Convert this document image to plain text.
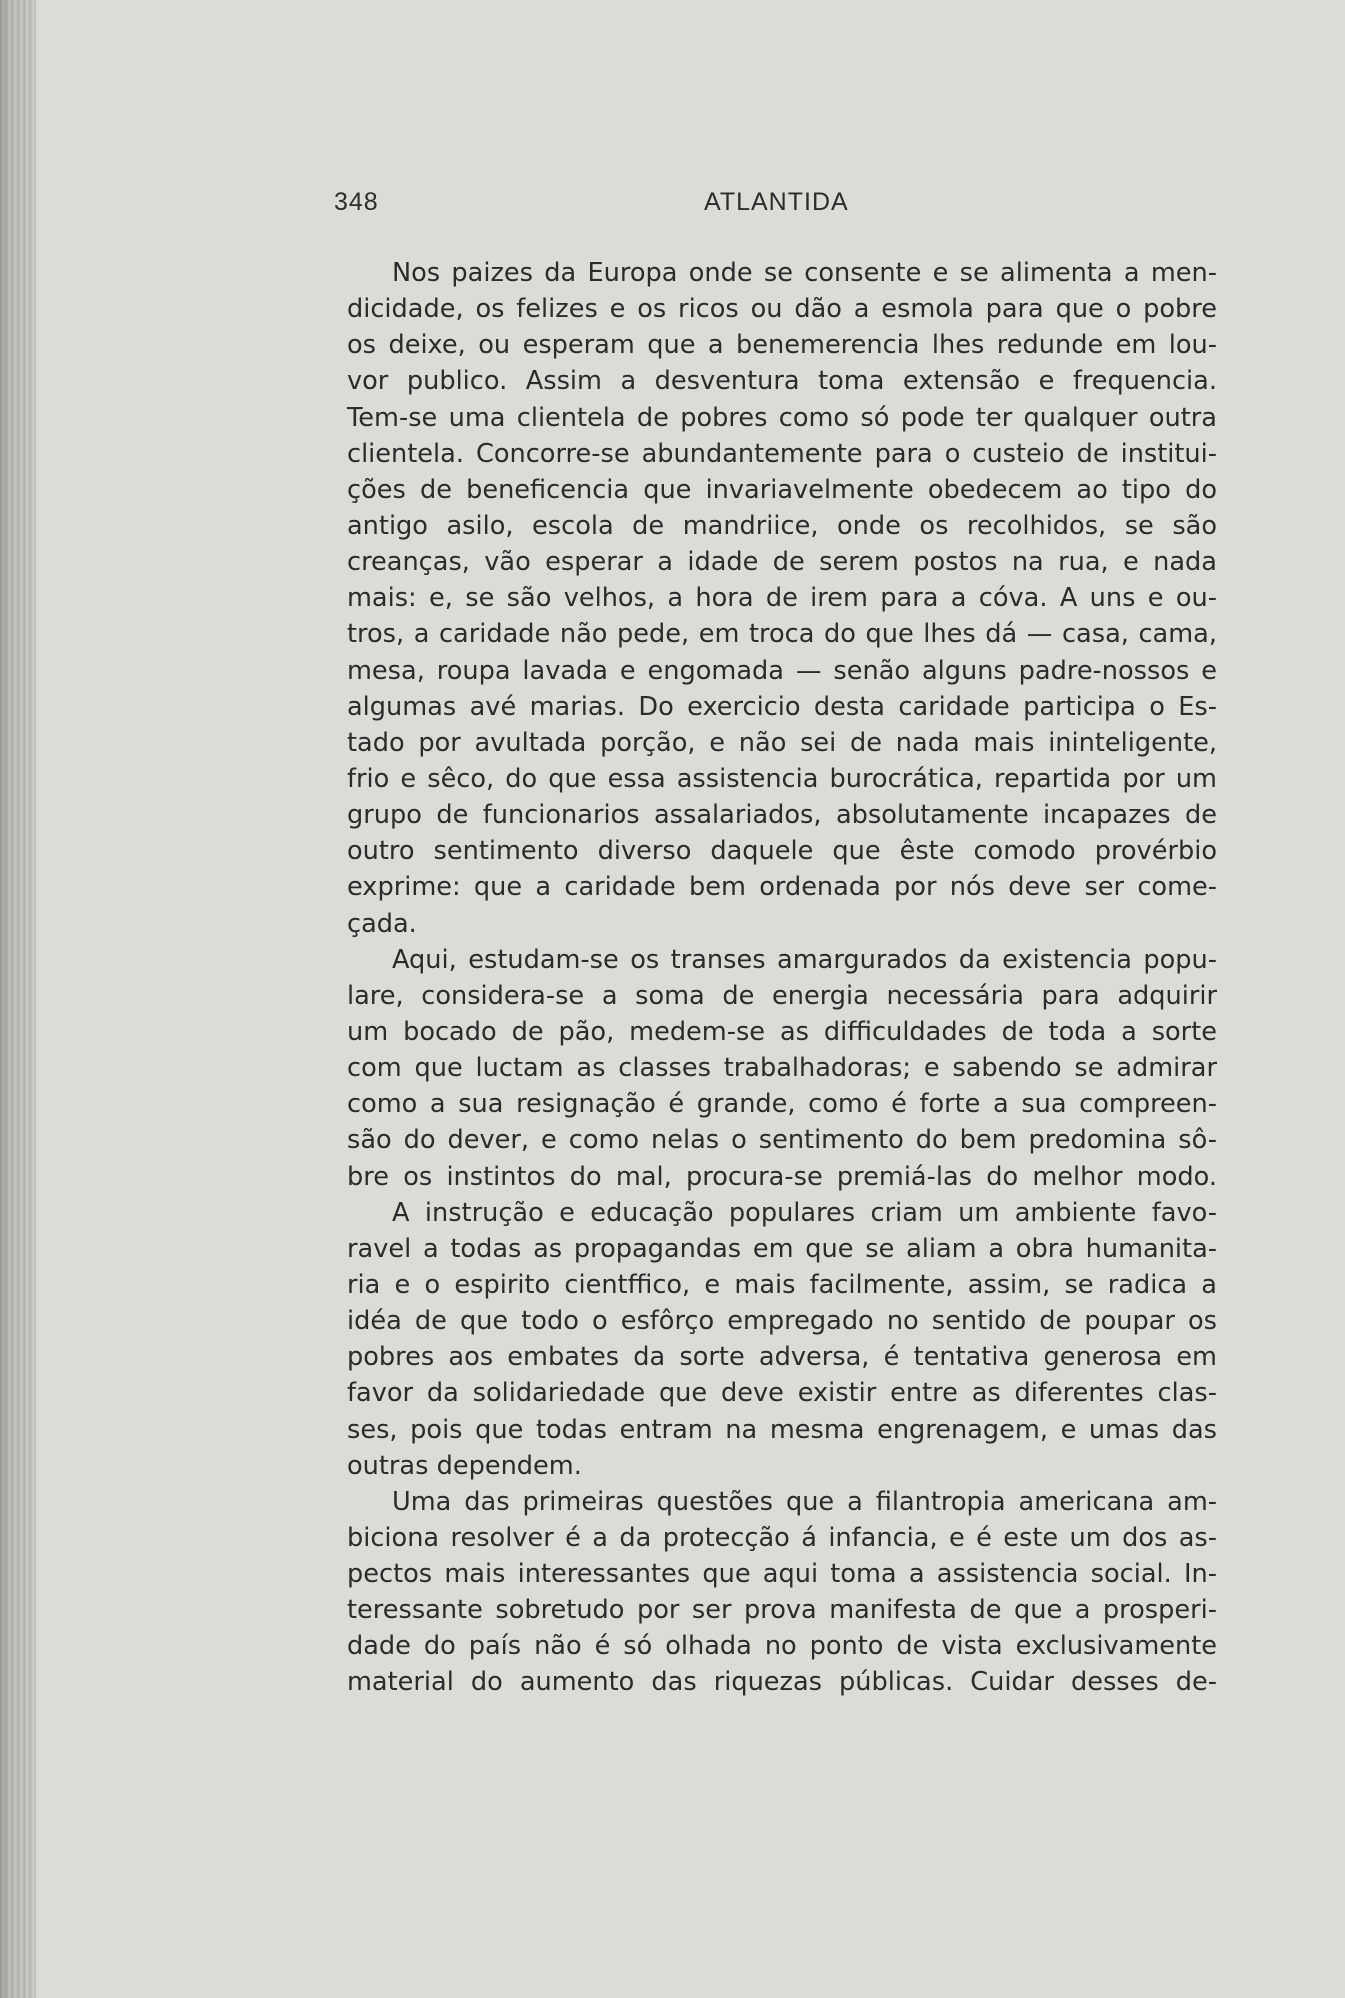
348	ATLANTIDA
Nos paizes da Europa onde se consente e se alimenta a men-
dicidade, os felizes e os ricos ou dão a esmola para que o pobre
os deixe, ou esperam que a benemerencia lhes redunde em lou-
vor publico. Assim a desventura toma extensão e frequencia.
Tem-se uma clientela de pobres como só pode ter qualquer outra
clientela. Concorre-se abundantemente para o custeio de institui-
ções de beneficencia que invariavelmente obedecem ao tipo do
antigo asilo, escola de mandriice, onde os recolhidos, se são
creanças, vão esperar a idade de serem postos na rua, e nada
mais: e, se são velhos, a hora de irem para a cóva. A uns e ou-
tros, a caridade não pede, em troca do que lhes dá — casa, cama,
mesa, roupa lavada e engomada — senão alguns padre-nossos e
algumas avé marias. Do exercicio desta caridade participa o Es-
tado por avultada porção, e não sei de nada mais ininteligente,
frio e sêco, do que essa assistencia burocrática, repartida por um
grupo de funcionarios assalariados, absolutamente incapazes de
outro sentimento diverso daquele que êste comodo provérbio
exprime: que a caridade bem ordenada por nós deve ser come-
çada.
Aqui, estudam-se os transes amargurados da existencia popu-
lare, considera-se a soma de energia necessária para adquirir
um bocado de pão, medem-se as difficuldades de toda a sorte
com que luctam as classes trabalhadoras; e sabendo se admirar
como a sua resignação é grande, como é forte a sua compreen-
são do dever, e como nelas o sentimento do bem predomina sô-
bre os instintos do mal, procura-se premiá-las do melhor modo.
A instrução e educação populares criam um ambiente favo-
ravel a todas as propagandas em que se aliam a obra humanita-
ria e o espirito cientffico, e mais facilmente, assim, se radica a
idéa de que todo o esfôrço empregado no sentido de poupar os
pobres aos embates da sorte adversa, é tentativa generosa em
favor da solidariedade que deve existir entre as diferentes clas-
ses, pois que todas entram na mesma engrenagem, e umas das
outras dependem.
Uma das primeiras questões que a filantropia americana am-
biciona resolver é a da protecção á infancia, e é este um dos as-
pectos mais interessantes que aqui toma a assistencia social. In-
teressante sobretudo por ser prova manifesta de que a prosperi-
dade do país não é só olhada no ponto de vista exclusivamente
material do aumento das riquezas públicas. Cuidar desses de-
